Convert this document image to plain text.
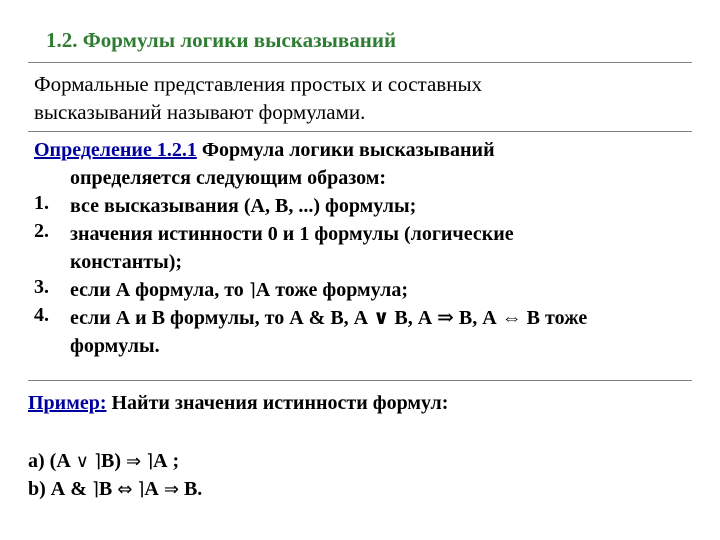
1.2. Формулы логики высказываний
Формальные представления простых и составных
высказываний называют формулами.
Определение 1.2.1 Формула логики высказываний
определяется следующим образом:
1. все высказывания (А, В, ...) формулы;
2. значения истинности 0 и 1 формулы (логические
константы);
3. если А формула, то ⌉А тоже формула;
4. если А и В формулы, то А & В, А ∨ В, А ⇒ В, А ⇔ В тоже
формулы.
Пример: Найти значения истинности формул:
а) (А ∨ ⌉В) ⇒ ⌉А ;
b) А & ⌉В ⇔ ⌉А ⇒ В.
